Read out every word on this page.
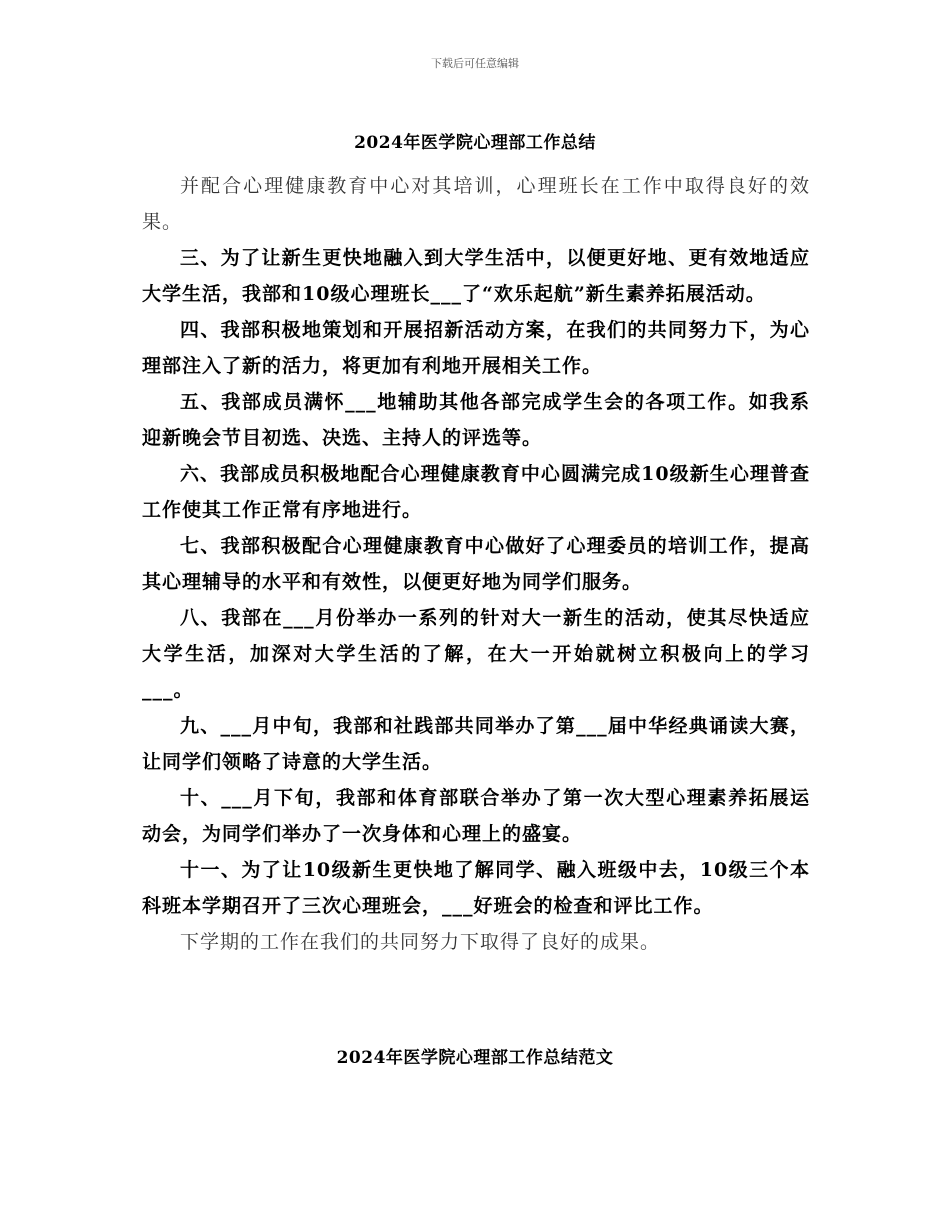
下载后可任意编辑
2024年医学院心理部工作总结

并配合心理健康教育中心对其培训，心理班长在工作中取得良好的效果。

三、为了让新生更快地融入到大学生活中，以便更好地、更有效地适应大学生活，我部和10级心理班长___了“欢乐起航”新生素养拓展活动。

四、我部积极地策划和开展招新活动方案，在我们的共同努力下，为心理部注入了新的活力，将更加有利地开展相关工作。

五、我部成员满怀___地辅助其他各部完成学生会的各项工作。如我系迎新晚会节目初选、决选、主持人的评选等。

六、我部成员积极地配合心理健康教育中心圆满完成10级新生心理普查工作使其工作正常有序地进行。

七、我部积极配合心理健康教育中心做好了心理委员的培训工作，提高其心理辅导的水平和有效性，以便更好地为同学们服务。

八、我部在___月份举办一系列的针对大一新生的活动，使其尽快适应大学生活，加深对大学生活的了解，在大一开始就树立积极向上的学习___。

九、___月中旬，我部和社践部共同举办了第___届中华经典诵读大赛，让同学们领略了诗意的大学生活。

十、___月下旬，我部和体育部联合举办了第一次大型心理素养拓展运动会，为同学们举办了一次身体和心理上的盛宴。

十一、为了让10级新生更快地了解同学、融入班级中去，10级三个本科班本学期召开了三次心理班会，___好班会的检查和评比工作。

下学期的工作在我们的共同努力下取得了良好的成果。

2024年医学院心理部工作总结范文
